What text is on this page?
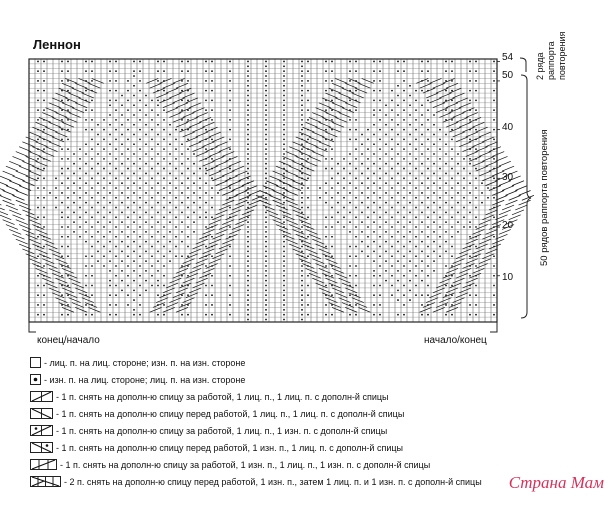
Леннон
54
50
40
30
20
10
конец/начало	начало/конец
2 ряда раппорта повторения
50 рядов раппорта повторения
- лиц. п. на лиц. стороне; изн. п. на изн. стороне
- изн. п. на лиц. стороне; лиц. п. на изн. стороне
- 1 п. снять на дополн-ю спицу за работой, 1 лиц. п., 1 лиц. п. с дополн-й спицы
- 1 п. снять на дополн-ю спицу перед работой, 1 лиц. п., 1 лиц. п. с дополн-й спицы
- 1 п. снять на дополн-ю спицу за работой, 1 лиц. п., 1 изн. п. с дополн-й спицы
- 1 п. снять на дополн-ю спицу перед работой, 1 изн. п., 1 лиц. п. с дополн-й спицы
- 1 п. снять на дополн-ю спицу за работой, 1 изн. п., 1 лиц. п., 1 изн. п. с дополн-й спицы
- 2 п. снять на дополн-ю спицу перед работой, 1 изн. п., затем 1 лиц. п. и 1 изн. п. с дополн-й спицы Страна Мам
